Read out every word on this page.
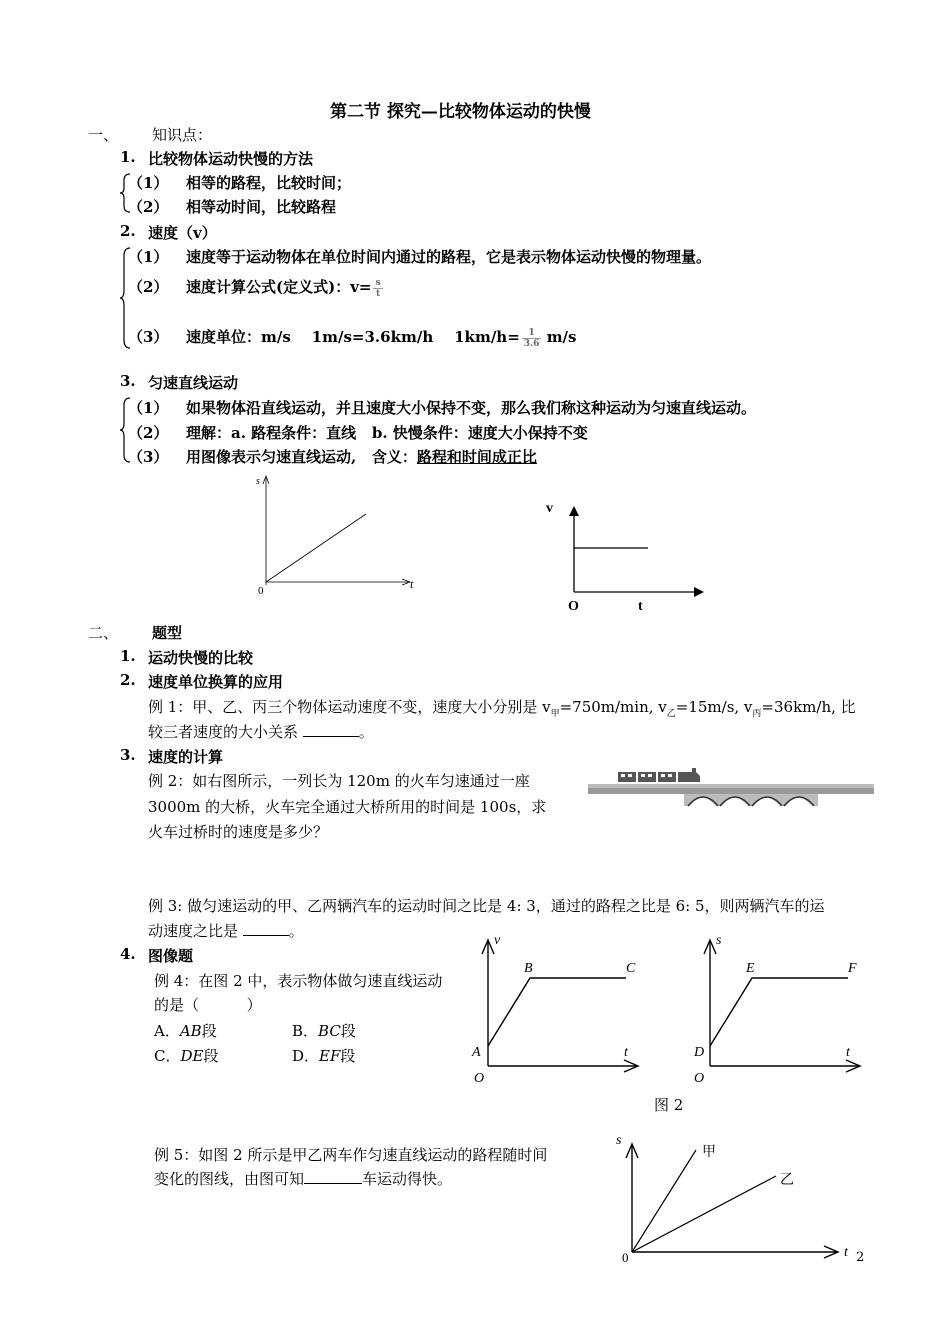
第二节 探究—比较物体运动的快慢
一、 知识点：
1. 比较物体运动快慢的方法
（1） 相等的路程，比较时间；
（2） 相等动时间，比较路程
2. 速度（v）
（1） 速度等于运动物体在单位时间内通过的路程，它是表示物体运动快慢的物理量。
（2） 速度计算公式(定义式)：$v= \frac{s}{t}$
（3） 速度单位：m/s    1m/s=3.6km/h    $1km/h= \frac{1}{3.6} m/s$
3. 匀速直线运动
（1） 如果物体沿直线运动，并且速度大小保持不变，那么我们称这种运动为匀速直线运动。
（2） 理解：a. 路程条件：直线   b. 快慢条件：速度大小保持不变
（3） 用图像表示匀速直线运动,   含义：路程和时间成正比
s
t
0
v
t
O
二、 题型
1. 运动快慢的比较
2. 速度单位换算的应用
例 1：甲、乙、丙三个物体运动速度不变，速度大小分别是 $v_甲=750m/\min$, $v_乙=15m/s$, $v_丙=36km/h$, 比
较三者速度的大小关系	。
3. 速度的计算
例 2：如右图所示，一列长为 120m 的火车匀速通过一座
3000m 的大桥，火车完全通过大桥所用的时间是 100s，求
火车过桥时的速度是多少？
例 3: 做匀速运动的甲、乙两辆汽车的运动时间之比是 4: 3，通过的路程之比是 6: 5，则两辆汽车的运
动速度之比是	。
4. 图像题
例 4：在图 2 中，表示物体做匀速直线运动
的是（          ）
A．AB段	B．BC段
C．DE段	D．EF段
v
t
O
A
B	C
s
t
O
D
E	F
图 2
例 5：如图 2 所示是甲乙两车作匀速直线运动的路程随时间
变化的图线，由图可知	车运动得快。
s
t
0
甲
乙
2
